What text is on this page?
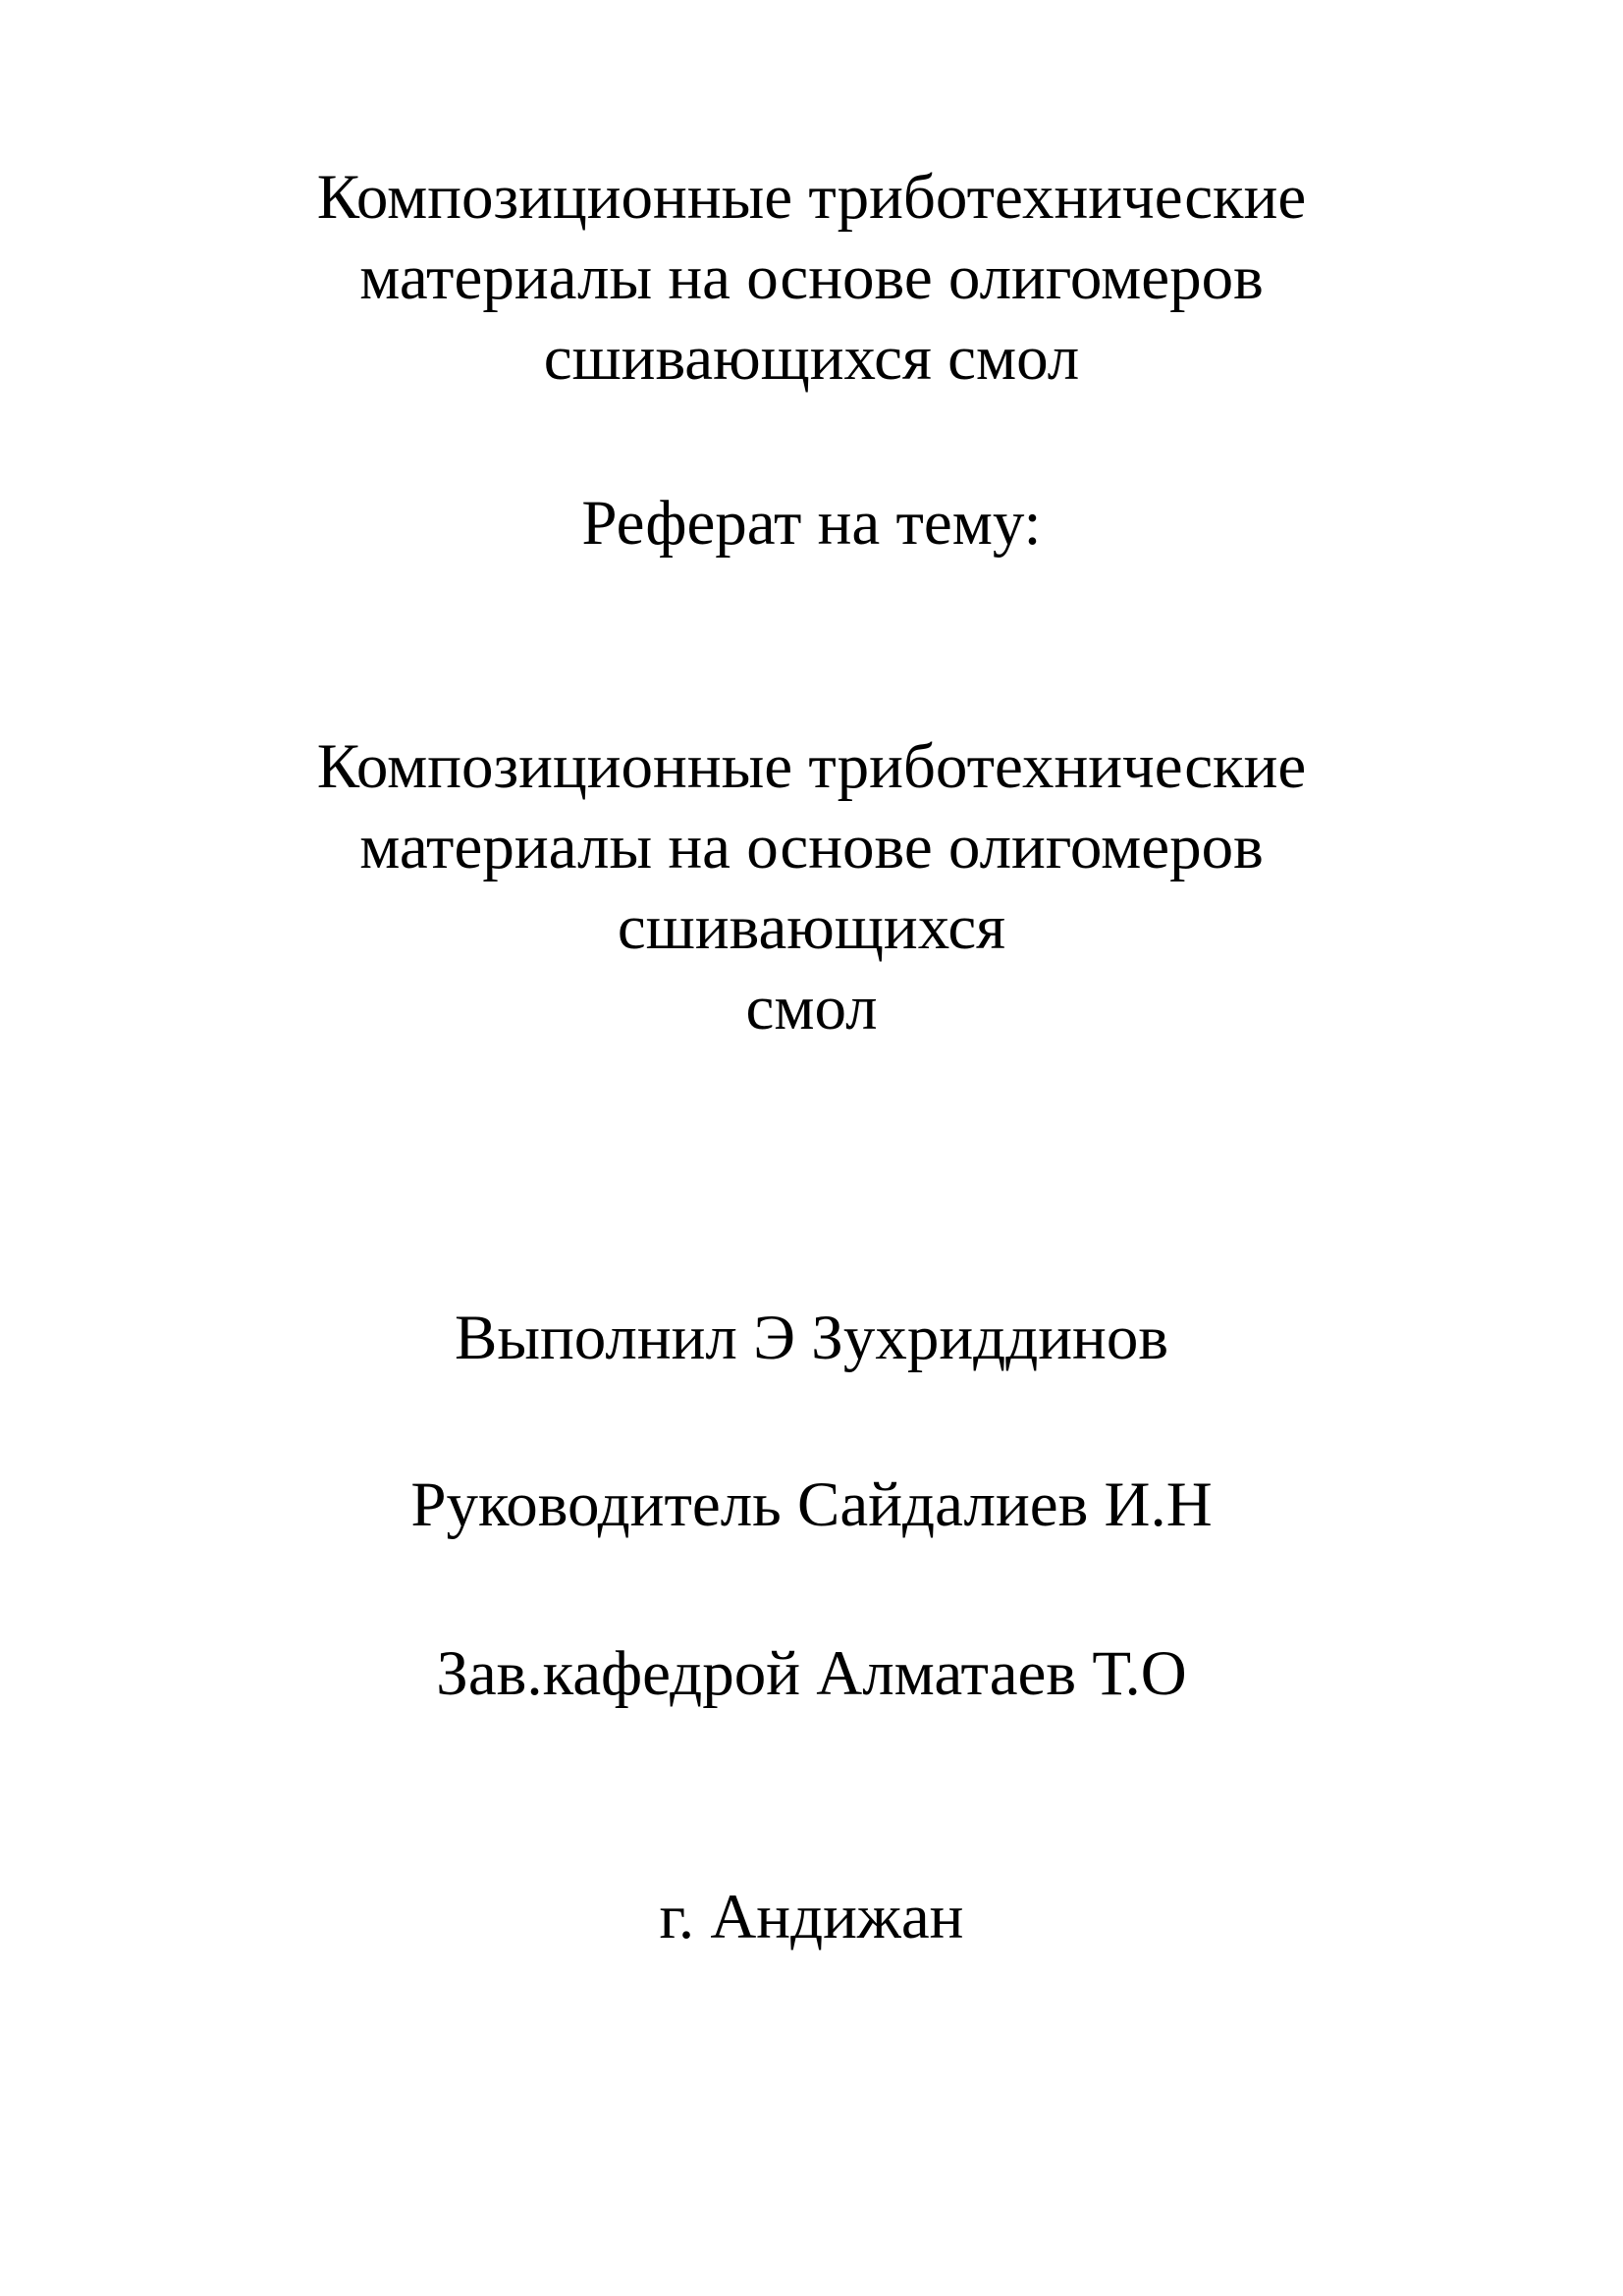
Композиционные триботехнические
материалы на основе олигомеров
сшивающихся смол
Реферат на тему:
Композиционные триботехнические
материалы на основе олигомеров
сшивающихся
смол
Выполнил Э Зухриддинов
Руководитель Сайдалиев И.Н
Зав.кафедрой Алматаев Т.О
г. Андижан
